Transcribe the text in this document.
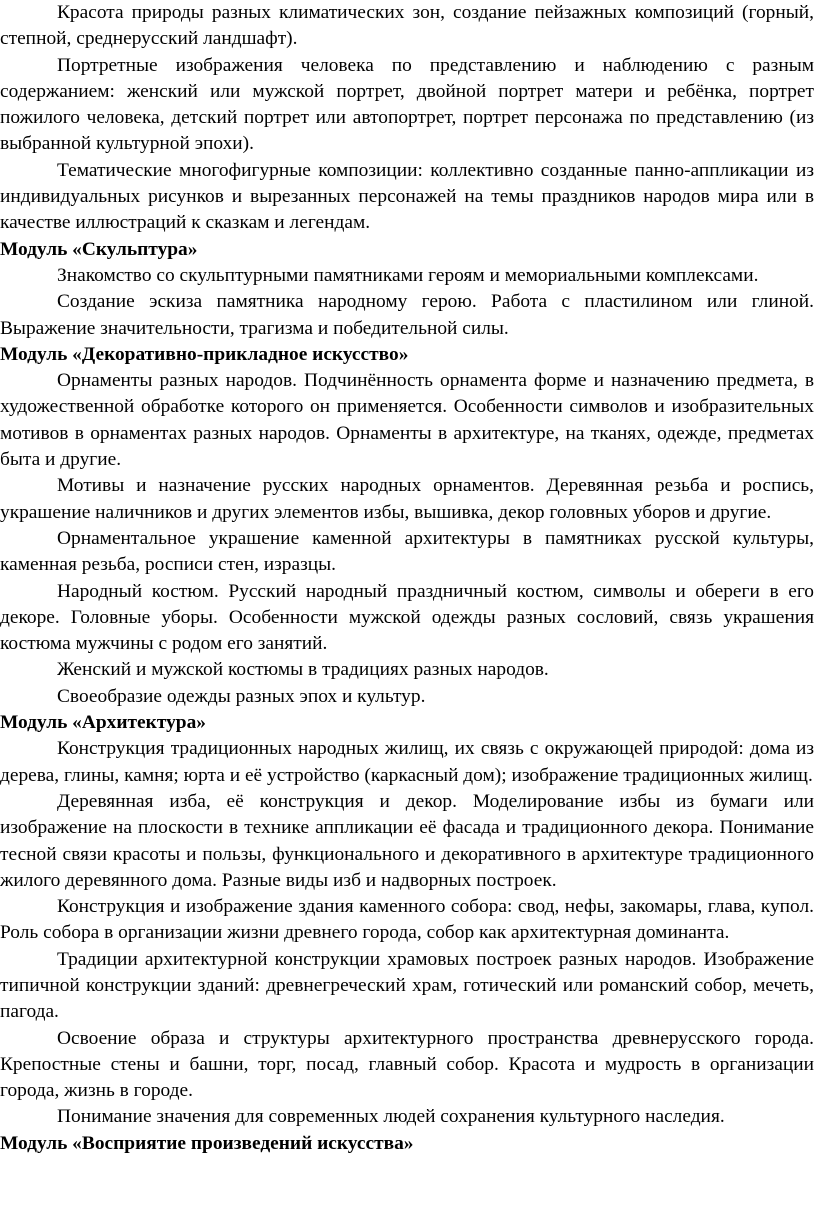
Красота природы разных климатических зон, создание пейзажных композиций (горный, степной, среднерусский ландшафт).

Портретные изображения человека по представлению и наблюдению с разным содержанием: женский или мужской портрет, двойной портрет матери и ребёнка, портрет пожилого человека, детский портрет или автопортрет, портрет персонажа по представлению (из выбранной культурной эпохи).

Тематические многофигурные композиции: коллективно созданные панно-аппликации из индивидуальных рисунков и вырезанных персонажей на темы праздников народов мира или в качестве иллюстраций к сказкам и легендам.

Модуль «Скульптура»

Знакомство со скульптурными памятниками героям и мемориальными комплексами.

Создание эскиза памятника народному герою. Работа с пластилином или глиной. Выражение значительности, трагизма и победительной силы.

Модуль «Декоративно-прикладное искусство»

Орнаменты разных народов. Подчинённость орнамента форме и назначению предмета, в художественной обработке которого он применяется. Особенности символов и изобразительных мотивов в орнаментах разных народов. Орнаменты в архитектуре, на тканях, одежде, предметах быта и другие.

Мотивы и назначение русских народных орнаментов. Деревянная резьба и роспись, украшение наличников и других элементов избы, вышивка, декор головных уборов и другие.

Орнаментальное украшение каменной архитектуры в памятниках русской культуры, каменная резьба, росписи стен, изразцы.

Народный костюм. Русский народный праздничный костюм, символы и обереги в его декоре. Головные уборы. Особенности мужской одежды разных сословий, связь украшения костюма мужчины с родом его занятий.

Женский и мужской костюмы в традициях разных народов.

Своеобразие одежды разных эпох и культур.

Модуль «Архитектура»

Конструкция традиционных народных жилищ, их связь с окружающей природой: дома из дерева, глины, камня; юрта и её устройство (каркасный дом); изображение традиционных жилищ.

Деревянная изба, её конструкция и декор. Моделирование избы из бумаги или изображение на плоскости в технике аппликации её фасада и традиционного декора. Понимание тесной связи красоты и пользы, функционального и декоративного в архитектуре традиционного жилого деревянного дома. Разные виды изб и надворных построек.

Конструкция и изображение здания каменного собора: свод, нефы, закомары, глава, купол. Роль собора в организации жизни древнего города, собор как архитектурная доминанта.

Традиции архитектурной конструкции храмовых построек разных народов. Изображение типичной конструкции зданий: древнегреческий храм, готический или романский собор, мечеть, пагода.

Освоение образа и структуры архитектурного пространства древнерусского города. Крепостные стены и башни, торг, посад, главный собор. Красота и мудрость в организации города, жизнь в городе.

Понимание значения для современных людей сохранения культурного наследия.

Модуль «Восприятие произведений искусства»
